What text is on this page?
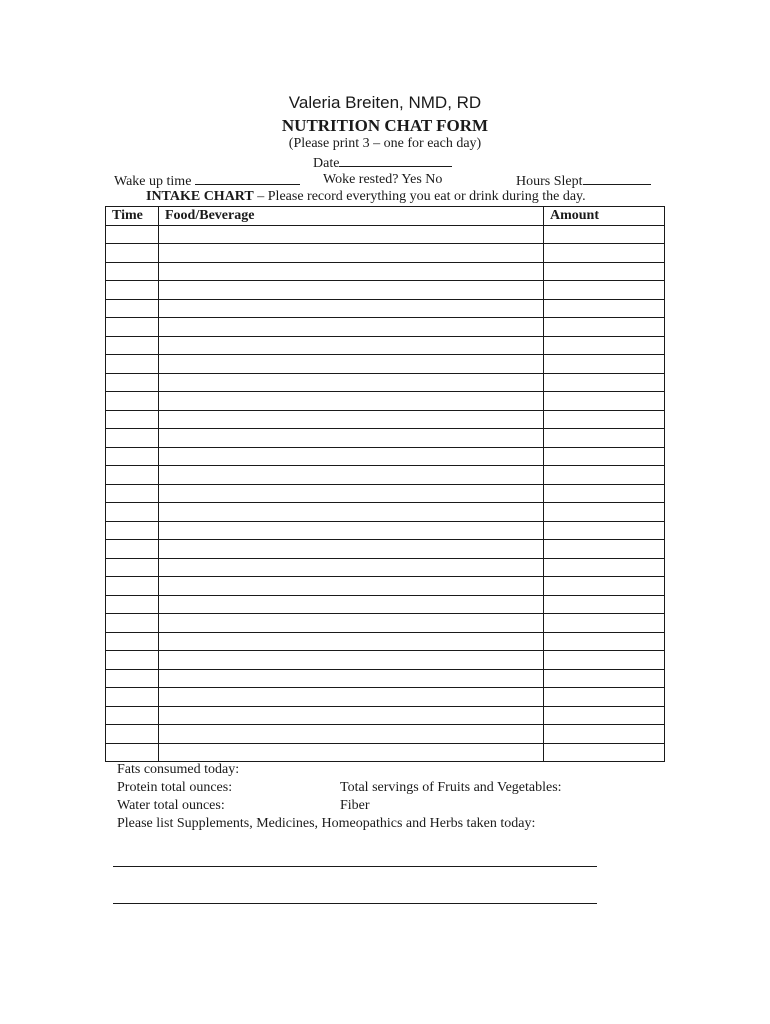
Valeria Breiten, NMD, RD
NUTRITION CHAT FORM
(Please print 3 – one for each day)
Date
Wake up time	Woke rested? Yes No	Hours Slept
INTAKE CHART – Please record everything you eat or drink during the day.
Time	Food/Beverage	Amount

Fats consumed today:
Protein total ounces:	Total servings of Fruits and Vegetables:
Water total ounces:	Fiber
Please list Supplements, Medicines, Homeopathics and Herbs taken today:
